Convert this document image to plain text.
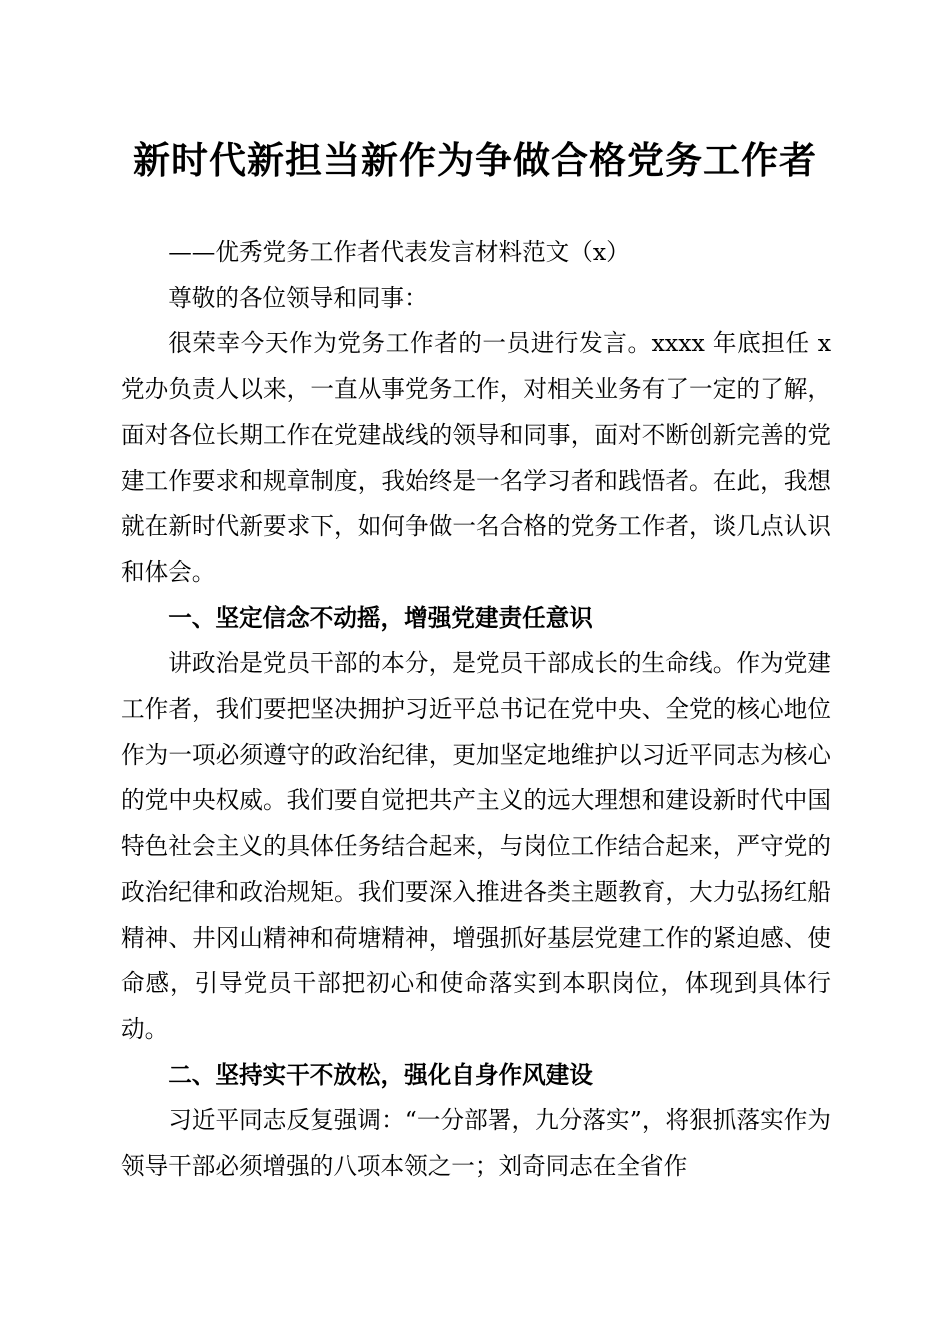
新时代新担当新作为争做合格党务工作者

——优秀党务工作者代表发言材料范文（x）

尊敬的各位领导和同事：

很荣幸今天作为党务工作者的一员进行发言。xxxx 年底担任 x 党办负责人以来，一直从事党务工作，对相关业务有了一定的了解，面对各位长期工作在党建战线的领导和同事，面对不断创新完善的党建工作要求和规章制度，我始终是一名学习者和践悟者。在此，我想就在新时代新要求下，如何争做一名合格的党务工作者，谈几点认识和体会。

一、坚定信念不动摇，增强党建责任意识

讲政治是党员干部的本分，是党员干部成长的生命线。作为党建工作者，我们要把坚决拥护习近平总书记在党中央、全党的核心地位作为一项必须遵守的政治纪律，更加坚定地维护以习近平同志为核心的党中央权威。我们要自觉把共产主义的远大理想和建设新时代中国特色社会主义的具体任务结合起来，与岗位工作结合起来，严守党的政治纪律和政治规矩。我们要深入推进各类主题教育，大力弘扬红船精神、井冈山精神和荷塘精神，增强抓好基层党建工作的紧迫感、使命感，引导党员干部把初心和使命落实到本职岗位，体现到具体行动。

二、坚持实干不放松，强化自身作风建设

习近平同志反复强调：“一分部署，九分落实”，将狠抓落实作为领导干部必须增强的八项本领之一；刘奇同志在全省作
